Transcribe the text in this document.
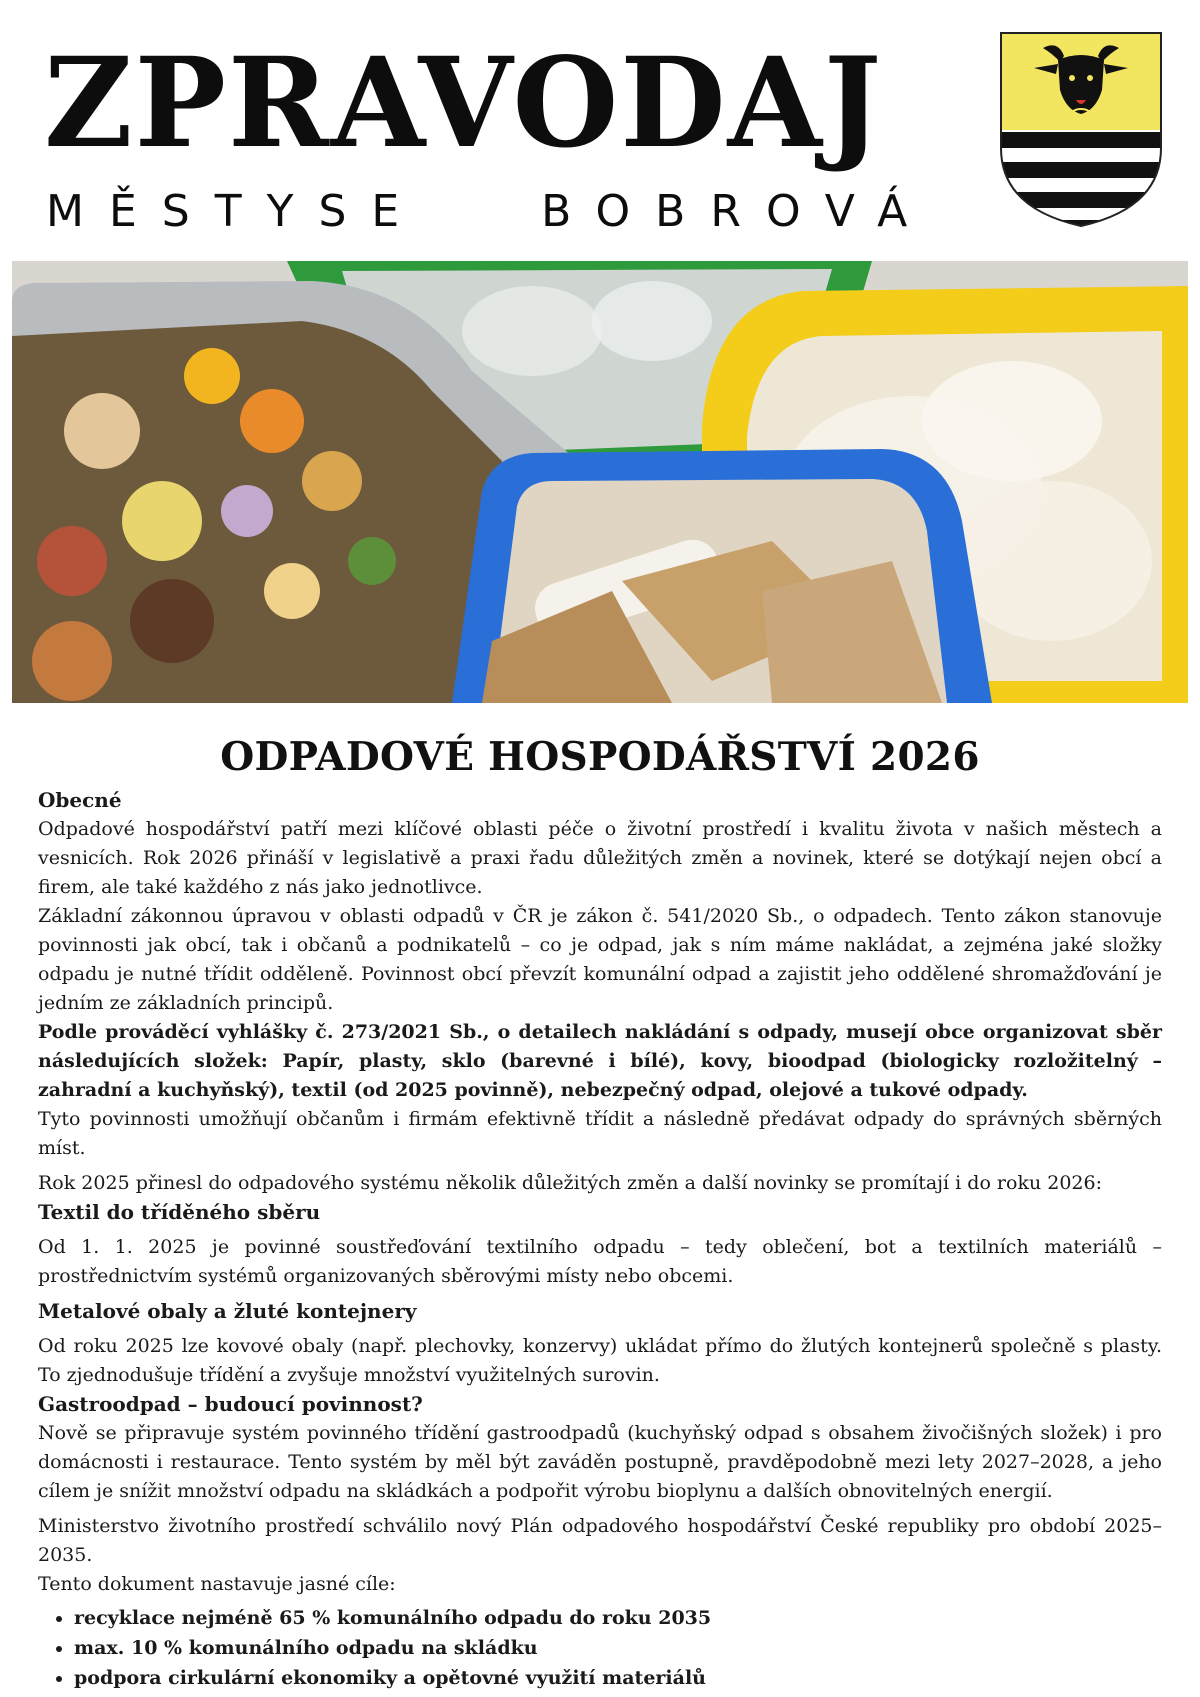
ZPRAVODAJ
MĚSTYSE   BOBROVÁ
ODPADOVÉ HOSPODÁŘSTVÍ 2026
Obecné

Odpadové hospodářství patří mezi klíčové oblasti péče o životní prostředí i kvalitu života v našich městech a vesnicích. Rok 2026 přináší v legislativě a praxi řadu důležitých změn a novinek, které se dotýkají nejen obcí a firem, ale také každého z nás jako jednotlivce.

Základní zákonnou úpravou v oblasti odpadů v ČR je zákon č. 541/2020 Sb., o odpadech. Tento zákon stanovuje povinnosti jak obcí, tak i občanů a podnikatelů – co je odpad, jak s ním máme nakládat, a zejména jaké složky odpadu je nutné třídit odděleně. Povinnost obcí převzít komunální odpad a zajistit jeho oddělené shromažďování je jedním ze základních principů.

Podle prováděcí vyhlášky č. 273/2021 Sb., o detailech nakládání s odpady, musejí obce organizovat sběr následujících složek: Papír, plasty, sklo (barevné i bílé), kovy, bioodpad (biologicky rozložitelný – zahradní a kuchyňský), textil (od 2025 povinně), nebezpečný odpad, olejové a tukové odpady.

Tyto povinnosti umožňují občanům i firmám efektivně třídit a následně předávat odpady do správných sběrných míst.

Rok 2025 přinesl do odpadového systému několik důležitých změn a další novinky se promítají i do roku 2026:

Textil do tříděného sběru

Od 1. 1. 2025 je povinné soustřeďování textilního odpadu – tedy oblečení, bot a textilních materiálů – prostřednictvím systémů organizovaných sběrovými místy nebo obcemi.

Metalové obaly a žluté kontejnery

Od roku 2025 lze kovové obaly (např. plechovky, konzervy) ukládat přímo do žlutých kontejnerů společně s plasty. To zjednodušuje třídění a zvyšuje množství využitelných surovin.

Gastroodpad – budoucí povinnost?

Nově se připravuje systém povinného třídění gastroodpadů (kuchyňský odpad s obsahem živočišných složek) i pro domácnosti i restaurace. Tento systém by měl být zaváděn postupně, pravděpodobně mezi lety 2027–2028, a jeho cílem je snížit množství odpadu na skládkách a podpořit výrobu bioplynu a dalších obnovitelných energií.

Ministerstvo životního prostředí schválilo nový Plán odpadového hospodářství České republiky pro období 2025–2035.

Tento dokument nastavuje jasné cíle:

• recyklace nejméně 65 % komunálního odpadu do roku 2035
• max. 10 % komunálního odpadu na skládku
• podpora cirkulární ekonomiky a opětovné využití materiálů
